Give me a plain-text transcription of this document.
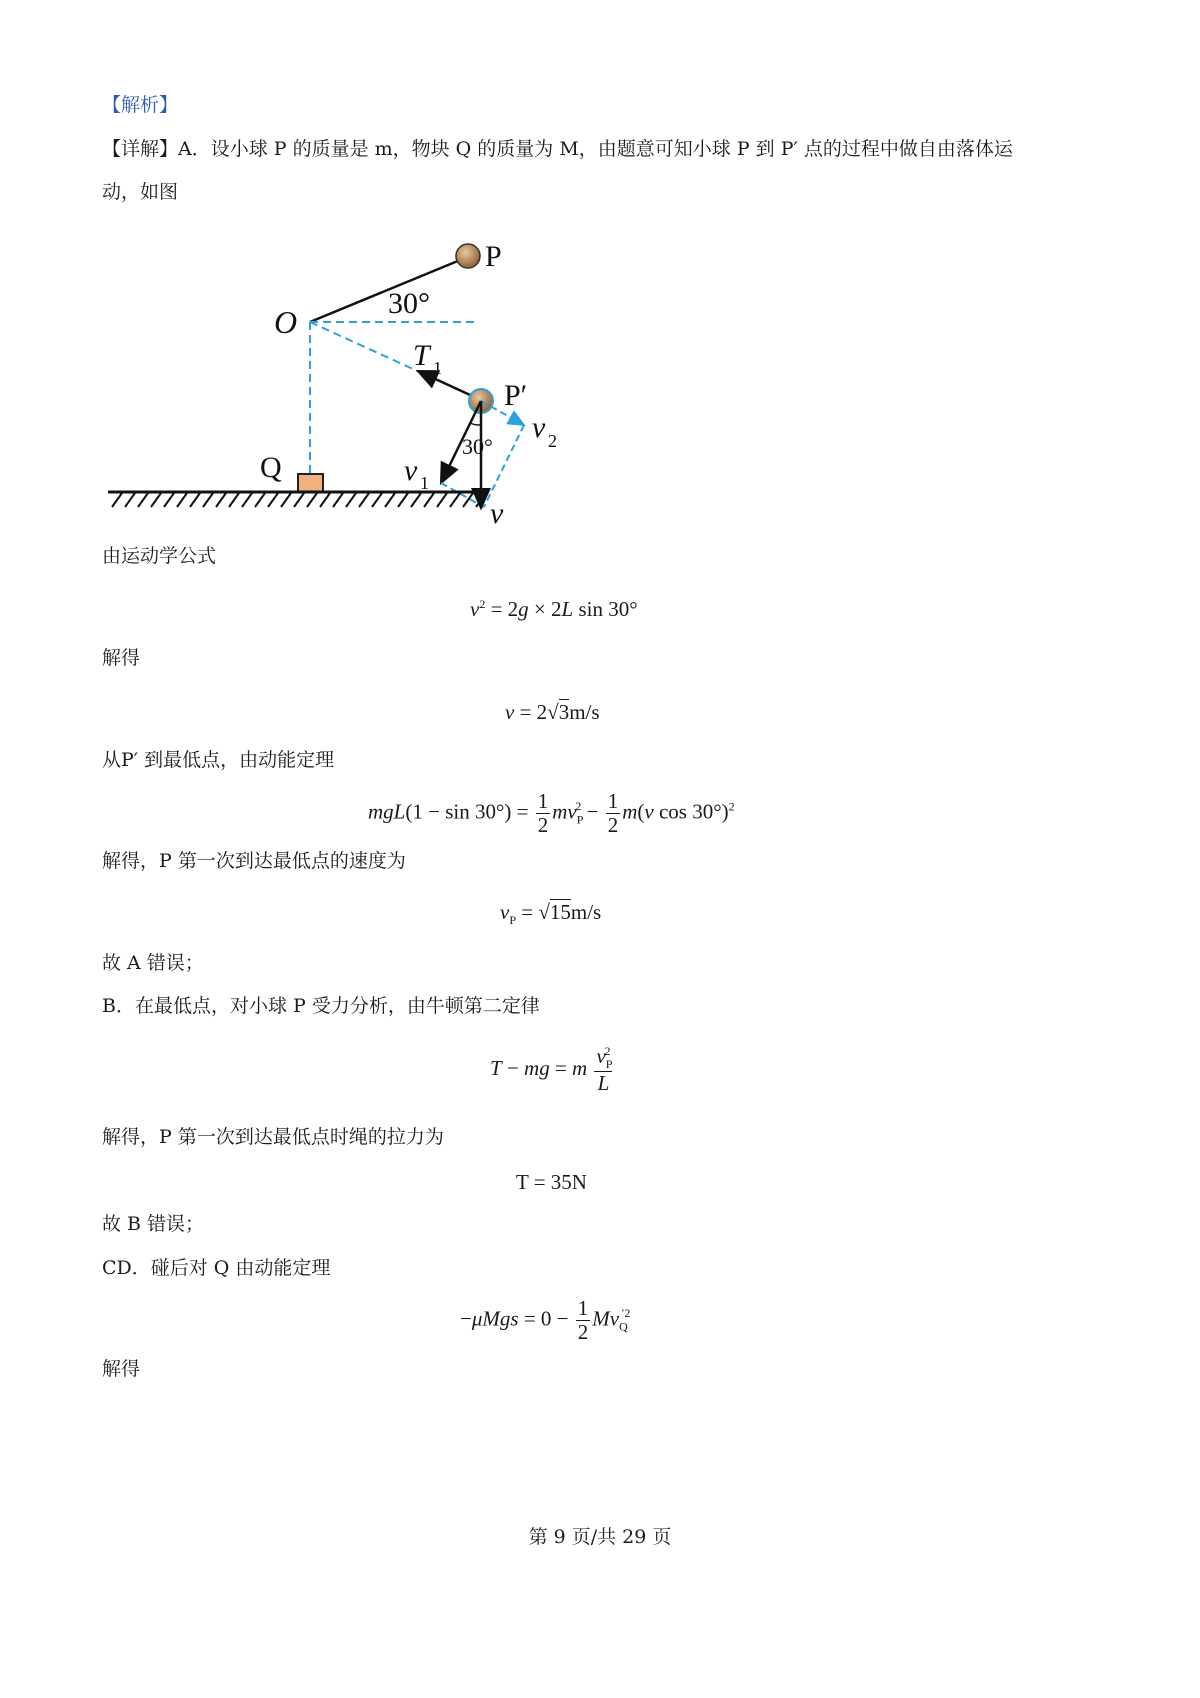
【解析】
【详解】A．设小球 P 的质量是 m，物块 Q 的质量为 M，由题意可知小球 P 到 P′ 点的过程中做自由落体运
动，如图
P
30°
O
T 1
P′
v 2
30°
v 1
v
Q
由运动学公式
$v^2 = 2g \times 2L$ sin 30°
解得
v = 2√3m/s
从P′ 到最低点，由动能定理
$mgL(1 - \sin 30^\circ) = \frac{1}{2} mv_P^2 - \frac{1}{2} m(v$ cos 30°)$^2$
解得，P 第一次到达最低点的速度为
$v_P = √15m/s$
故 A 错误；
B．在最低点，对小球 P 受力分析，由牛顿第二定律
T − mg = m $\frac{v_P^2}{L}$
解得，P 第一次到达最低点时绳的拉力为
T = 35N
故 B 错误；
CD．碰后对 Q 由动能定理
$-\mu Mgs = 0 - \frac{1}{2} Mv_Q^{'2}$
解得
第 9 页/共 29 页
